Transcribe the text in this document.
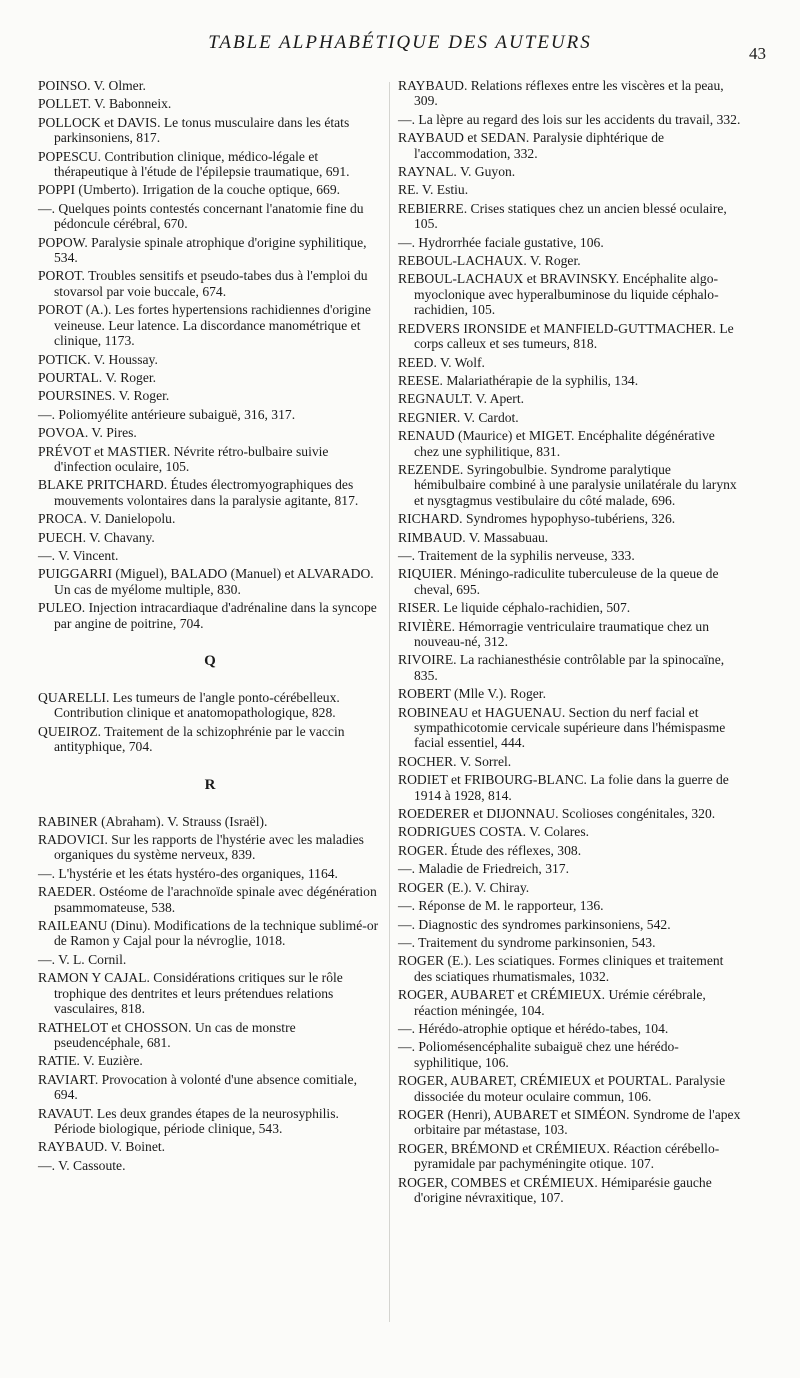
TABLE ALPHABÉTIQUE DES AUTEURS
43
POINSO. V. Olmer.
POLLET. V. Babonneix.
POLLOCK et DAVIS. Le tonus musculaire dans les états parkinsoniens, 817.
POPESCU. Contribution clinique, médico-légale et thérapeutique à l'étude de l'épilepsie traumatique, 691.
POPPI (Umberto). Irrigation de la couche optique, 669.
—. Quelques points contestés concernant l'anatomie fine du pédoncule cérébral, 670.
POPOW. Paralysie spinale atrophique d'origine syphilitique, 534.
POROT. Troubles sensitifs et pseudo-tabes dus à l'emploi du stovarsol par voie buccale, 674.
POROT (A.). Les fortes hypertensions rachidiennes d'origine veineuse. Leur latence. La discordance manométrique et clinique, 1173.
POTICK. V. Houssay.
POURTAL. V. Roger.
POURSINES. V. Roger.
—. Poliomyélite antérieure subaiguë, 316, 317.
POVOA. V. Pires.
PRÉVOT et MASTIER. Névrite rétro-bulbaire suivie d'infection oculaire, 105.
BLAKE PRITCHARD. Études électromyographiques des mouvements volontaires dans la paralysie agitante, 817.
PROCA. V. Danielopolu.
PUECH. V. Chavany.
—. V. Vincent.
PUIGGARRI (Miguel), BALADO (Manuel) et ALVARADO. Un cas de myélome multiple, 830.
PULEO. Injection intracardiaque d'adrénaline dans la syncope par angine de poitrine, 704.
Q
QUARELLI. Les tumeurs de l'angle ponto-cérébelleux. Contribution clinique et anatomopathologique, 828.
QUEIROZ. Traitement de la schizophrénie par le vaccin antityphique, 704.
R
RABINER (Abraham). V. Strauss (Israël).
RADOVICI. Sur les rapports de l'hystérie avec les maladies organiques du système nerveux, 839.
—. L'hystérie et les états hystéro-des organiques, 1164.
RAEDER. Ostéome de l'arachnoïde spinale avec dégénération psammomateuse, 538.
RAILEANU (Dinu). Modifications de la technique sublimé-or de Ramon y Cajal pour la névroglie, 1018.
—. V. L. Cornil.
RAMON Y CAJAL. Considérations critiques sur le rôle trophique des dentrites et leurs prétendues relations vasculaires, 818.
RATHELOT et CHOSSON. Un cas de monstre pseudencéphale, 681.
RATIE. V. Euzière.
RAVIART. Provocation à volonté d'une absence comitiale, 694.
RAVAUT. Les deux grandes étapes de la neurosyphilis. Période biologique, période clinique, 543.
RAYBAUD. V. Boinet.
—. V. Cassoute.
RAYBAUD. Relations réflexes entre les viscères et la peau, 309.
—. La lèpre au regard des lois sur les accidents du travail, 332.
RAYBAUD et SEDAN. Paralysie diphtérique de l'accommodation, 332.
RAYNAL. V. Guyon.
RE. V. Estiu.
REBIERRE. Crises statiques chez un ancien blessé oculaire, 105.
—. Hydrorrhée faciale gustative, 106.
REBOUL-LACHAUX. V. Roger.
REBOUL-LACHAUX et BRAVINSKY. Encéphalite algo-myoclonique avec hyperalbuminose du liquide céphalo-rachidien, 105.
REDVERS IRONSIDE et MANFIELD-GUTTMACHER. Le corps calleux et ses tumeurs, 818.
REED. V. Wolf.
REESE. Malariathérapie de la syphilis, 134.
REGNAULT. V. Apert.
REGNIER. V. Cardot.
RENAUD (Maurice) et MIGET. Encéphalite dégénérative chez une syphilitique, 831.
REZENDE. Syringobulbie. Syndrome paralytique hémibulbaire combiné à une paralysie unilatérale du larynx et nysgtagmus vestibulaire du côté malade, 696.
RICHARD. Syndromes hypophyso-tubériens, 326.
RIMBAUD. V. Massabuau.
—. Traitement de la syphilis nerveuse, 333.
RIQUIER. Méningo-radiculite tuberculeuse de la queue de cheval, 695.
RISER. Le liquide céphalo-rachidien, 507.
RIVIÈRE. Hémorragie ventriculaire traumatique chez un nouveau-né, 312.
RIVOIRE. La rachianesthésie contrôlable par la spinocaïne, 835.
ROBERT (Mlle V.). Roger.
ROBINEAU et HAGUENAU. Section du nerf facial et sympathicotomie cervicale supérieure dans l'hémispasme facial essentiel, 444.
ROCHER. V. Sorrel.
RODIET et FRIBOURG-BLANC. La folie dans la guerre de 1914 à 1928, 814.
ROEDERER et DIJONNAU. Scolioses congénitales, 320.
RODRIGUES COSTA. V. Colares.
ROGER. Étude des réflexes, 308.
—. Maladie de Friedreich, 317.
ROGER (E.). V. Chiray.
—. Réponse de M. le rapporteur, 136.
—. Diagnostic des syndromes parkinsoniens, 542.
—. Traitement du syndrome parkinsonien, 543.
ROGER (E.). Les sciatiques. Formes cliniques et traitement des sciatiques rhumatismales, 1032.
ROGER, AUBARET et CRÉMIEUX. Urémie cérébrale, réaction méningée, 104.
—. Hérédo-atrophie optique et hérédo-tabes, 104.
—. Poliomésencéphalite subaiguë chez une hérédo-syphilitique, 106.
ROGER, AUBARET, CRÉMIEUX et POURTAL. Paralysie dissociée du moteur oculaire commun, 106.
ROGER (Henri), AUBARET et SIMÉON. Syndrome de l'apex orbitaire par métastase, 103.
ROGER, BRÉMOND et CRÉMIEUX. Réaction cérébello-pyramidale par pachyméningite otique. 107.
ROGER, COMBES et CRÉMIEUX. Hémiparésie gauche d'origine névraxitique, 107.
